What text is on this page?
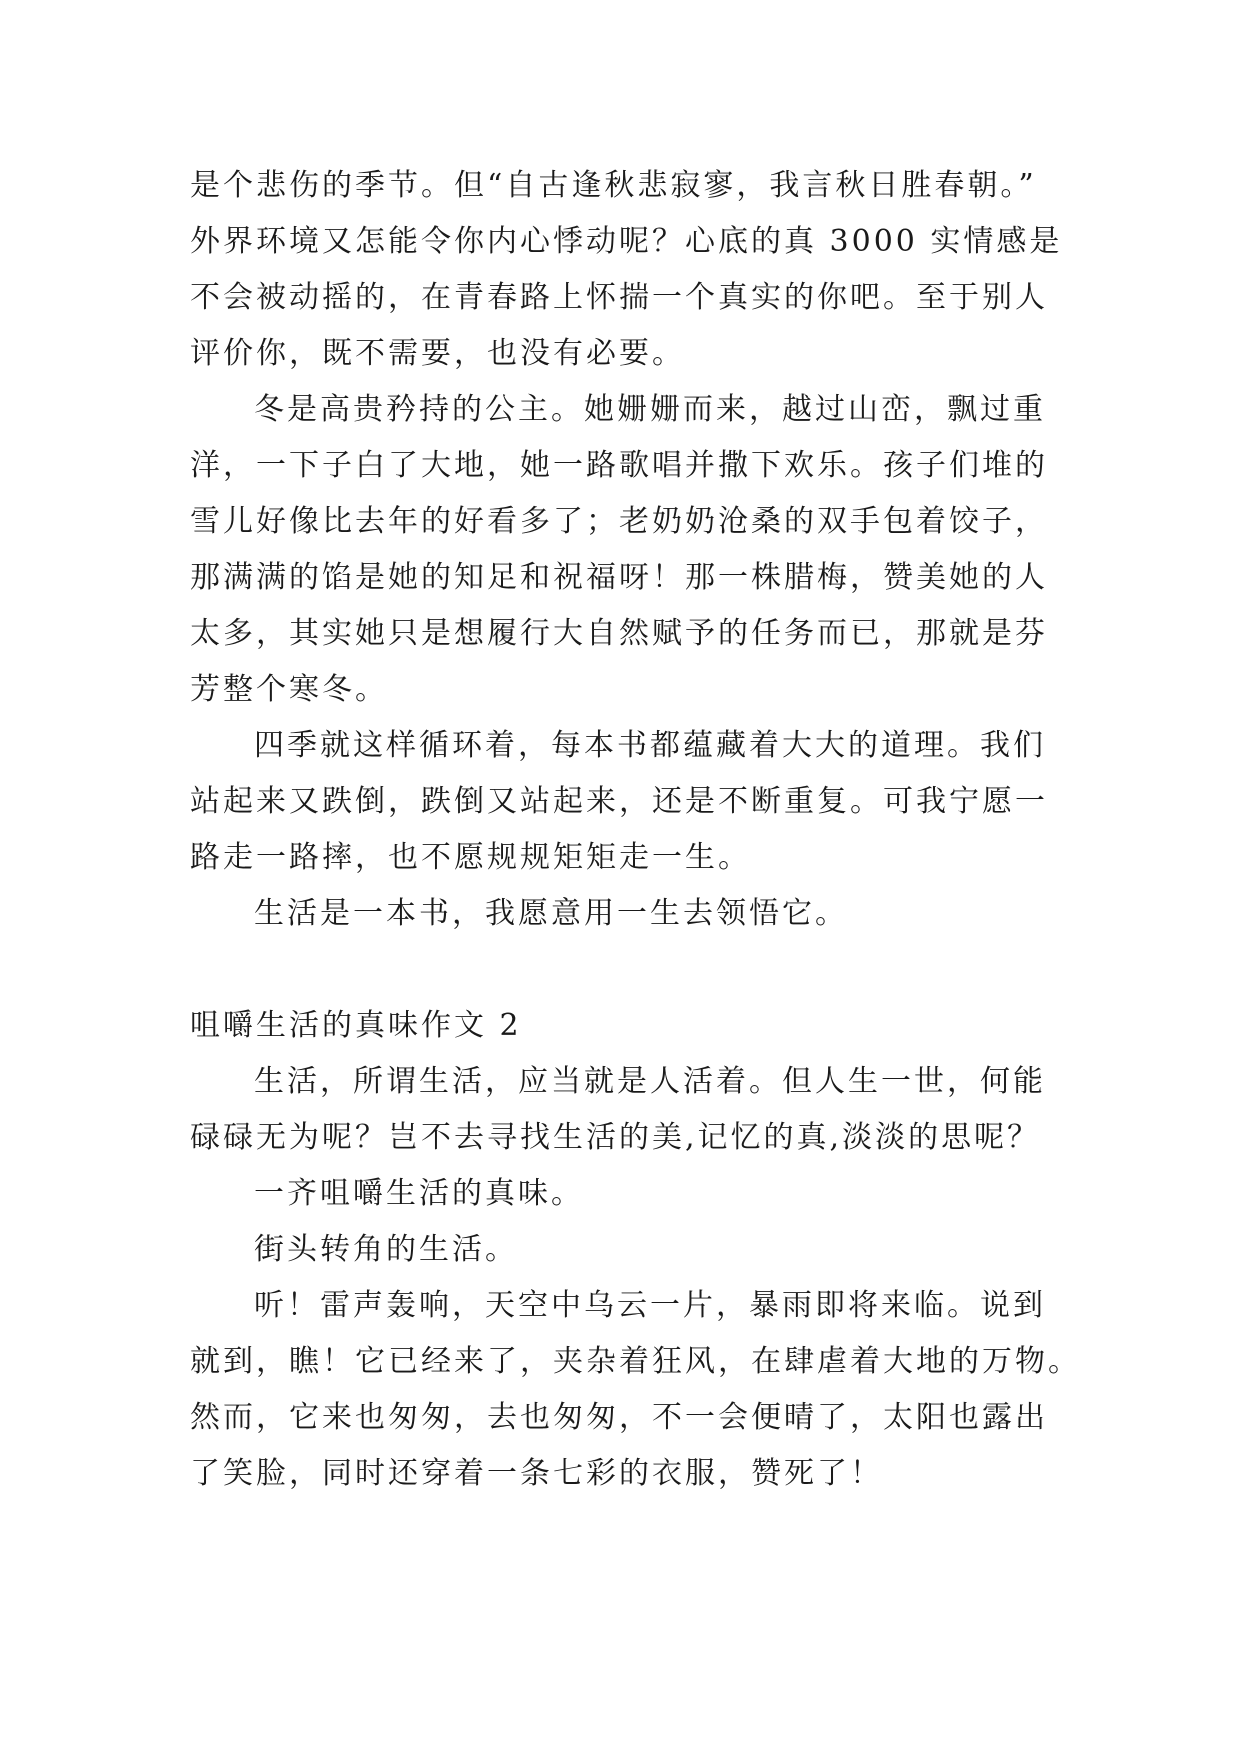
是个悲伤的季节。但“自古逢秋悲寂寥，我言秋日胜春朝。”
外界环境又怎能令你内心悸动呢？心底的真 3000 实情感是
不会被动摇的，在青春路上怀揣一个真实的你吧。至于别人
评价你，既不需要，也没有必要。
冬是高贵矜持的公主。她姗姗而来，越过山峦，飘过重
洋，一下子白了大地，她一路歌唱并撒下欢乐。孩子们堆的
雪儿好像比去年的好看多了；老奶奶沧桑的双手包着饺子，
那满满的馅是她的知足和祝福呀！那一株腊梅，赞美她的人
太多，其实她只是想履行大自然赋予的任务而已，那就是芬
芳整个寒冬。
四季就这样循环着，每本书都蕴藏着大大的道理。我们
站起来又跌倒，跌倒又站起来，还是不断重复。可我宁愿一
路走一路摔，也不愿规规矩矩走一生。
生活是一本书，我愿意用一生去领悟它。
咀嚼生活的真味作文 2
生活，所谓生活，应当就是人活着。但人生一世，何能
碌碌无为呢？岂不去寻找生活的美,记忆的真,淡淡的思呢？
一齐咀嚼生活的真味。
街头转角的生活。
听！雷声轰响，天空中乌云一片，暴雨即将来临。说到
就到，瞧！它已经来了，夹杂着狂风，在肆虐着大地的万物。
然而，它来也匆匆，去也匆匆，不一会便晴了，太阳也露出
了笑脸，同时还穿着一条七彩的衣服，赞死了！
